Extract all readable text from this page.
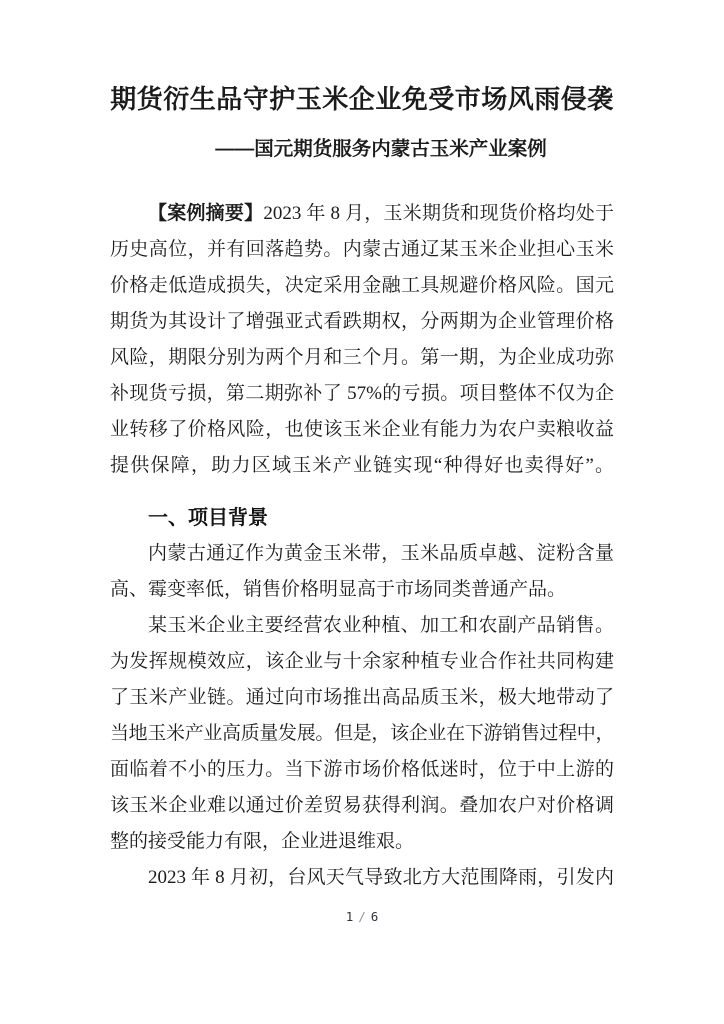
期货衍生品守护玉米企业免受市场风雨侵袭
——国元期货服务内蒙古玉米产业案例
【案例摘要】2023 年 8 月，玉米期货和现货价格均处于
历史高位，并有回落趋势。内蒙古通辽某玉米企业担心玉米
价格走低造成损失，决定采用金融工具规避价格风险。国元
期货为其设计了增强亚式看跌期权，分两期为企业管理价格
风险，期限分别为两个月和三个月。第一期，为企业成功弥
补现货亏损，第二期弥补了 57%的亏损。项目整体不仅为企
业转移了价格风险，也使该玉米企业有能力为农户卖粮收益
提供保障，助力区域玉米产业链实现“种得好也卖得好”。
一、项目背景
内蒙古通辽作为黄金玉米带，玉米品质卓越、淀粉含量
高、霉变率低，销售价格明显高于市场同类普通产品。
某玉米企业主要经营农业种植、加工和农副产品销售。
为发挥规模效应，该企业与十余家种植专业合作社共同构建
了玉米产业链。通过向市场推出高品质玉米，极大地带动了
当地玉米产业高质量发展。但是，该企业在下游销售过程中，
面临着不小的压力。当下游市场价格低迷时，位于中上游的
该玉米企业难以通过价差贸易获得利润。叠加农户对价格调
整的接受能力有限，企业进退维艰。
2023 年 8 月初，台风天气导致北方大范围降雨，引发内
1 / 6
